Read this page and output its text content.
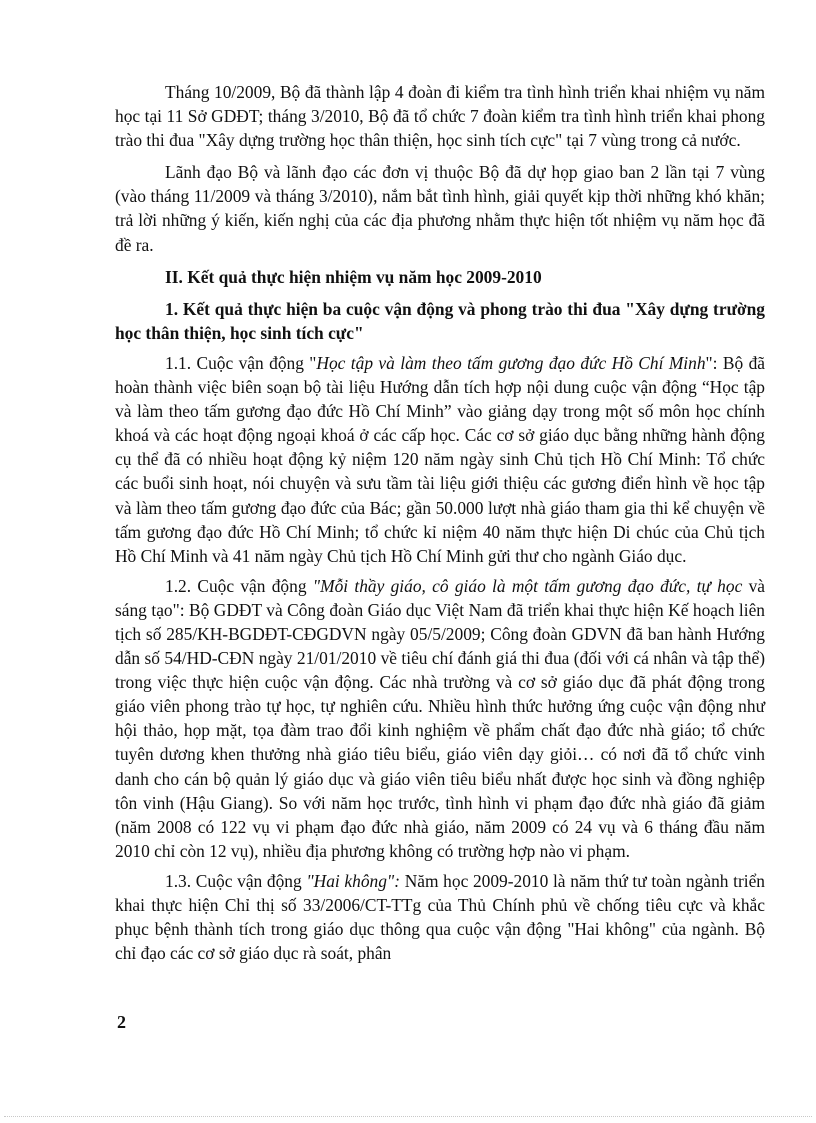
Tháng 10/2009, Bộ đã thành lập 4 đoàn đi kiểm tra tình hình triển khai nhiệm vụ năm học tại 11 Sở GDĐT; tháng 3/2010, Bộ đã tổ chức 7 đoàn kiểm tra tình hình triển khai phong trào thi đua "Xây dựng trường học thân thiện, học sinh tích cực" tại 7 vùng trong cả nước.

Lãnh đạo Bộ và lãnh đạo các đơn vị thuộc Bộ đã dự họp giao ban 2 lần tại 7 vùng (vào tháng 11/2009 và tháng 3/2010), nắm bắt tình hình, giải quyết kịp thời những khó khăn; trả lời những ý kiến, kiến nghị của các địa phương nhằm thực hiện tốt nhiệm vụ năm học đã đề ra.

II. Kết quả thực hiện nhiệm vụ năm học 2009-2010
1. Kết quả thực hiện ba cuộc vận động và phong trào thi đua "Xây dựng trường học thân thiện, học sinh tích cực"

1.1. Cuộc vận động "Học tập và làm theo tấm gương đạo đức Hồ Chí Minh": Bộ đã hoàn thành việc biên soạn bộ tài liệu Hướng dẫn tích hợp nội dung cuộc vận động “Học tập và làm theo tấm gương đạo đức Hồ Chí Minh” vào giảng dạy trong một số môn học chính khoá và các hoạt động ngoại khoá ở các cấp học. Các cơ sở giáo dục bằng những hành động cụ thể đã có nhiều hoạt động kỷ niệm 120 năm ngày sinh Chủ tịch Hồ Chí Minh: Tổ chức các buổi sinh hoạt, nói chuyện và sưu tầm tài liệu giới thiệu các gương điển hình về học tập và làm theo tấm gương đạo đức của Bác; gần 50.000 lượt nhà giáo tham gia thi kể chuyện về tấm gương đạo đức Hồ Chí Minh; tổ chức kỉ niệm 40 năm thực hiện Di chúc của Chủ tịch Hồ Chí Minh và 41 năm ngày Chủ tịch Hồ Chí Minh gửi thư cho ngành Giáo dục.

1.2. Cuộc vận động "Mỗi thầy giáo, cô giáo là một tấm gương đạo đức, tự học và sáng tạo": Bộ GDĐT và Công đoàn Giáo dục Việt Nam đã triển khai thực hiện Kế hoạch liên tịch số 285/KH-BGDĐT-CĐGDVN ngày 05/5/2009; Công đoàn GDVN đã ban hành Hướng dẫn số 54/HD-CĐN ngày 21/01/2010 về tiêu chí đánh giá thi đua (đối với cá nhân và tập thể) trong việc thực hiện cuộc vận động. Các nhà trường và cơ sở giáo dục đã phát động trong giáo viên phong trào tự học, tự nghiên cứu. Nhiều hình thức hưởng ứng cuộc vận động như hội thảo, họp mặt, tọa đàm trao đổi kinh nghiệm về phẩm chất đạo đức nhà giáo; tổ chức tuyên dương khen thưởng nhà giáo tiêu biểu, giáo viên dạy giỏi… có nơi đã tổ chức vinh danh cho cán bộ quản lý giáo dục và giáo viên tiêu biểu nhất được học sinh và đồng nghiệp tôn vinh (Hậu Giang). So với năm học trước, tình hình vi phạm đạo đức nhà giáo đã giảm (năm 2008 có 122 vụ vi phạm đạo đức nhà giáo, năm 2009 có 24 vụ và 6 tháng đầu năm 2010 chỉ còn 12 vụ), nhiều địa phương không có trường hợp nào vi phạm.

1.3. Cuộc vận động "Hai không": Năm học 2009-2010 là năm thứ tư toàn ngành triển khai thực hiện Chỉ thị số 33/2006/CT-TTg của Thủ Chính phủ về chống tiêu cực và khắc phục bệnh thành tích trong giáo dục thông qua cuộc vận động "Hai không" của ngành. Bộ chỉ đạo các cơ sở giáo dục rà soát, phân

2
